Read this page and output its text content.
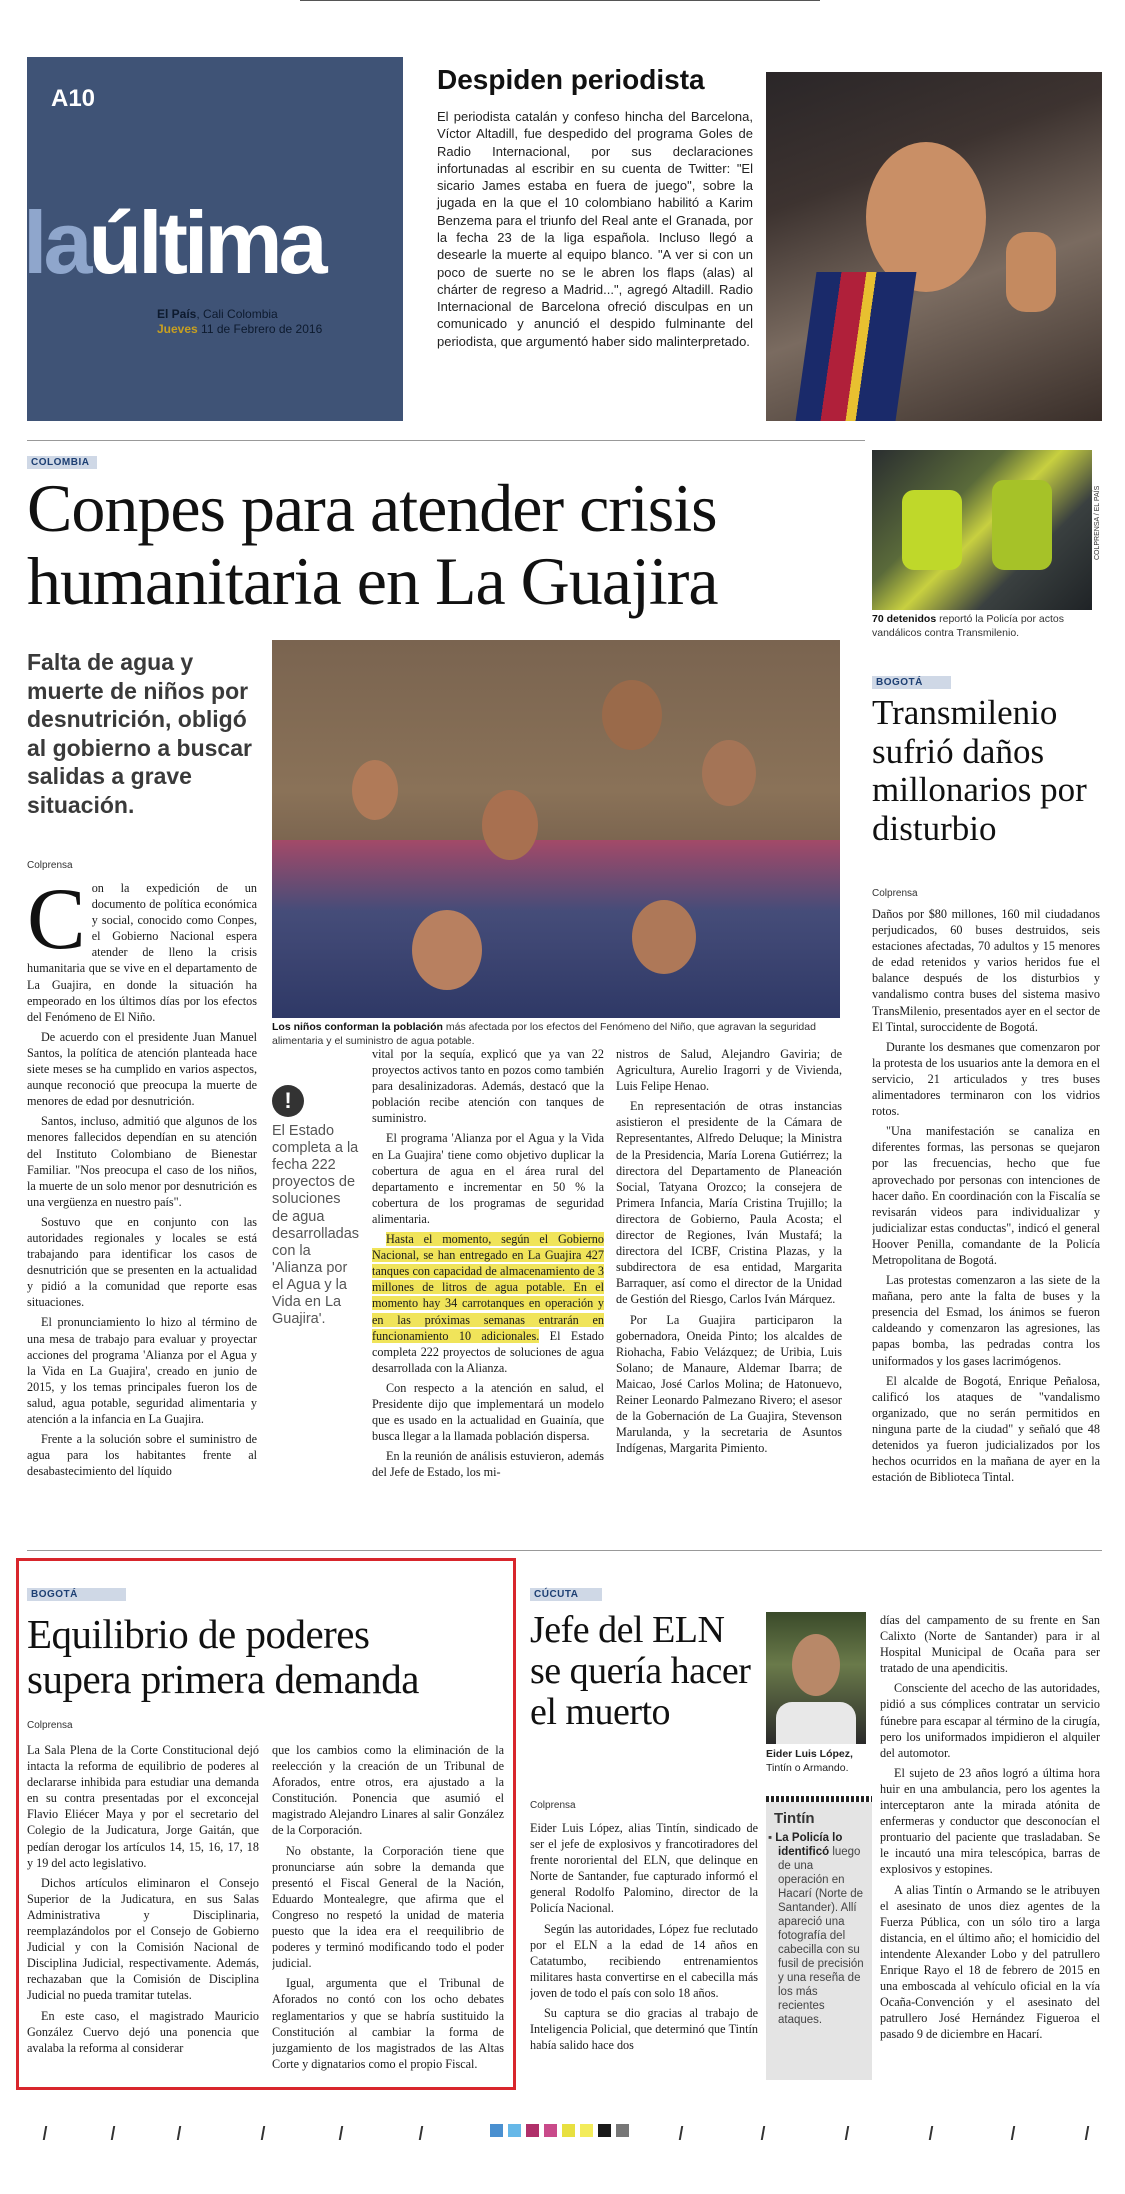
A10
laúltima
El País, Cali Colombia
Jueves 11 de Febrero de 2016
Despiden periodista
El periodista catalán y confeso hincha del Barcelona, Víctor Altadill, fue despedido del programa Goles de Radio Internacional, por sus declaraciones infortunadas al escribir en su cuenta de Twitter: "El sicario James estaba en fuera de juego", sobre la jugada en la que el 10 colombiano habilitó a Karim Benzema para el triunfo del Real ante el Granada, por la fecha 23 de la liga española. Incluso llegó a desearle la muerte al equipo blanco. "A ver si con un poco de suerte no se le abren los flaps (alas) al chárter de regreso a Madrid...", agregó Altadill. Radio Internacional de Barcelona ofreció disculpas en un comunicado y anunció el despido fulminante del periodista, que argumentó haber sido malinterpretado.
COLOMBIA
Conpes para atender crisis
humanitaria en La Guajira
Falta de agua y muerte de niños por desnutrición, obligó al gobierno a buscar salidas a grave situación.
Colprensa
Los niños conforman la población más afectada por los efectos del Fenómeno del Niño, que agravan la seguridad alimentaria y el suministro de agua potable.
C on la expedición de un documento de política económica y social, conocido como Conpes, el Gobierno Nacional espera atender de lleno la crisis humanitaria que se vive en el departamento de La Guajira, en donde la situación ha empeorado en los últimos días por los efectos del Fenómeno de El Niño.

De acuerdo con el presidente Juan Manuel Santos, la política de atención planteada hace siete meses se ha cumplido en varios aspectos, aunque reconoció que preocupa la muerte de menores de edad por desnutrición.

Santos, incluso, admitió que algunos de los menores fallecidos dependían en su atención del Instituto Colombiano de Bienestar Familiar. "Nos preocupa el caso de los niños, la muerte de un solo menor por desnutrición es una vergüenza en nuestro país".

Sostuvo que en conjunto con las autoridades regionales y locales se está trabajando para identificar los casos de desnutrición que se presenten en la actualidad y pidió a la comunidad que reporte esas situaciones.

El pronunciamiento lo hizo al término de una mesa de trabajo para evaluar y proyectar acciones del programa 'Alianza por el Agua y la Vida en La Guajira', creado en junio de 2015, y los temas principales fueron los de salud, agua potable, seguridad alimentaria y atención a la infancia en La Guajira.

Frente a la solución sobre el suministro de agua para los habitantes frente al desabastecimiento del líquido

!
El Estado completa a la fecha 222 proyectos de soluciones de agua desarrolladas con la 'Alianza por el Agua y la Vida en La Guajira'.

vital por la sequía, explicó que ya van 22 proyectos activos tanto en pozos como también para desalinizadoras. Además, destacó que la población recibe atención con tanques de suministro.

El programa 'Alianza por el Agua y la Vida en La Guajira' tiene como objetivo duplicar la cobertura de agua en el área rural del departamento e incrementar en 50 % la cobertura de los programas de seguridad alimentaria.

Hasta el momento, según el Gobierno Nacional, se han entregado en La Guajira 427 tanques con capacidad de almacenamiento de 3 millones de litros de agua potable. En el momento hay 34 carrotanques en operación y en las próximas semanas entrarán en funcionamiento 10 adicionales. El Estado completa 222 proyectos de soluciones de agua desarrollada con la Alianza.

Con respecto a la atención en salud, el Presidente dijo que implementará un modelo que es usado en la actualidad en Guainía, que busca llegar a la llamada población dispersa.

En la reunión de análisis estuvieron, además del Jefe de Estado, los mi-

nistros de Salud, Alejandro Gaviria; de Agricultura, Aurelio Iragorri y de Vivienda, Luis Felipe Henao.

En representación de otras instancias asistieron el presidente de la Cámara de Representantes, Alfredo Deluque; la Ministra de la Presidencia, María Lorena Gutiérrez; la directora del Departamento de Planeación Social, Tatyana Orozco; la consejera de Primera Infancia, María Cristina Trujillo; la directora de Gobierno, Paula Acosta; el director de Regiones, Iván Mustafá; la directora del ICBF, Cristina Plazas, y la subdirectora de esa entidad, Margarita Barraquer, así como el director de la Unidad de Gestión del Riesgo, Carlos Iván Márquez.

Por La Guajira participaron la gobernadora, Oneida Pinto; los alcaldes de Riohacha, Fabio Velázquez; de Uribia, Luis Solano; de Manaure, Aldemar Ibarra; de Maicao, José Carlos Molina; de Hatonuevo, Reiner Leonardo Palmezano Rivero; el asesor de la Gobernación de La Guajira, Stevenson Marulanda, y la secretaria de Asuntos Indígenas, Margarita Pimiento.

COLPRENSA / EL PAÍS
70 detenidos reportó la Policía por actos vandálicos contra Transmilenio.
BOGOTÁ
Transmilenio sufrió daños millonarios por disturbio
Colprensa

Daños por $80 millones, 160 mil ciudadanos perjudicados, 60 buses destruidos, seis estaciones afectadas, 70 adultos y 15 menores de edad retenidos y varios heridos fue el balance después de los disturbios y vandalismo contra buses del sistema masivo TransMilenio, presentados ayer en el sector de El Tintal, suroccidente de Bogotá.

Durante los desmanes que comenzaron por la protesta de los usuarios ante la demora en el servicio, 21 articulados y tres buses alimentadores terminaron con los vidrios rotos.

"Una manifestación se canaliza en diferentes formas, las personas se quejaron por las frecuencias, hecho que fue aprovechado por personas con intenciones de hacer daño. En coordinación con la Fiscalía se revisarán videos para individualizar y judicializar estas conductas", indicó el general Hoover Penilla, comandante de la Policía Metropolitana de Bogotá.

Las protestas comenzaron a las siete de la mañana, pero ante la falta de buses y la presencia del Esmad, los ánimos se fueron caldeando y comenzaron las agresiones, las papas bomba, las pedradas contra los uniformados y los gases lacrimógenos.

El alcalde de Bogotá, Enrique Peñalosa, calificó los ataques de "vandalismo organizado, que no serán permitidos en ninguna parte de la ciudad" y señaló que 48 detenidos ya fueron judicializados por los hechos ocurridos en la mañana de ayer en la estación de Biblioteca Tintal.

BOGOTÁ
Equilibrio de poderes
supera primera demanda
Colprensa

La Sala Plena de la Corte Constitucional dejó intacta la reforma de equilibrio de poderes al declararse inhibida para estudiar una demanda en su contra presentadas por el exconcejal Flavio Eliécer Maya y por el secretario del Colegio de la Judicatura, Jorge Gaitán, que pedían derogar los artículos 14, 15, 16, 17, 18 y 19 del acto legislativo.

Dichos artículos eliminaron el Consejo Superior de la Judicatura, en sus Salas Administrativa y Disciplinaria, reemplazándolos por el Consejo de Gobierno Judicial y con la Comisión Nacional de Disciplina Judicial, respectivamente. Además, rechazaban que la Comisión de Disciplina Judicial no pueda tramitar tutelas.

En este caso, el magistrado Mauricio González Cuervo dejó una ponencia que avalaba la reforma al considerar

que los cambios como la eliminación de la reelección y la creación de un Tribunal de Aforados, entre otros, era ajustado a la Constitución. Ponencia que asumió el magistrado Alejandro Linares al salir González de la Corporación.

No obstante, la Corporación tiene que pronunciarse aún sobre la demanda que presentó el Fiscal General de la Nación, Eduardo Montealegre, que afirma que el Congreso no respetó la unidad de materia puesto que la idea era el reequilibrio de poderes y terminó modificando todo el poder judicial.

Igual, argumenta que el Tribunal de Aforados no contó con los ocho debates reglamentarios y que se habría sustituido la Constitución al cambiar la forma de juzgamiento de los magistrados de las Altas Corte y dignatarios como el propio Fiscal.

CÚCUTA
Jefe del ELN se quería hacer el muerto
Colprensa

Eider Luis López, alias Tintín, sindicado de ser el jefe de explosivos y francotiradores del frente nororiental del ELN, que delinque en Norte de Santander, fue capturado informó el general Rodolfo Palomino, director de la Policía Nacional.

Según las autoridades, López fue reclutado por el ELN a la edad de 14 años en Catatumbo, recibiendo entrenamientos militares hasta convertirse en el cabecilla más joven de todo el país con solo 18 años.

Su captura se dio gracias al trabajo de Inteligencia Policial, que determinó que Tintín había salido hace dos

Eider Luis López,
Tintín o Armando.
Tintín
▪ La Policía lo identificó luego de una operación en Hacarí (Norte de Santander). Allí apareció una fotografía del cabecilla con su fusil de precisión y una reseña de los más recientes ataques.

días del campamento de su frente en San Calixto (Norte de Santander) para ir al Hospital Municipal de Ocaña para ser tratado de una apendicitis.

Consciente del acecho de las autoridades, pidió a sus cómplices contratar un servicio fúnebre para escapar al término de la cirugía, pero los uniformados impidieron el alquiler del automotor.

El sujeto de 23 años logró a última hora huir en una ambulancia, pero los agentes la interceptaron ante la mirada atónita de enfermeras y conductor que desconocían el prontuario del paciente que trasladaban. Se le incautó una mira telescópica, barras de explosivos y estopines.

A alias Tintín o Armando se le atribuyen el asesinato de unos diez agentes de la Fuerza Pública, con un sólo tiro a larga distancia, en el último año; el homicidio del intendente Alexander Lobo y del patrullero Enrique Rayo el 18 de febrero de 2015 en una emboscada al vehículo oficial en la vía Ocaña-Convención y el asesinato del patrullero José Hernández Figueroa el pasado 9 de diciembre en Hacarí.
